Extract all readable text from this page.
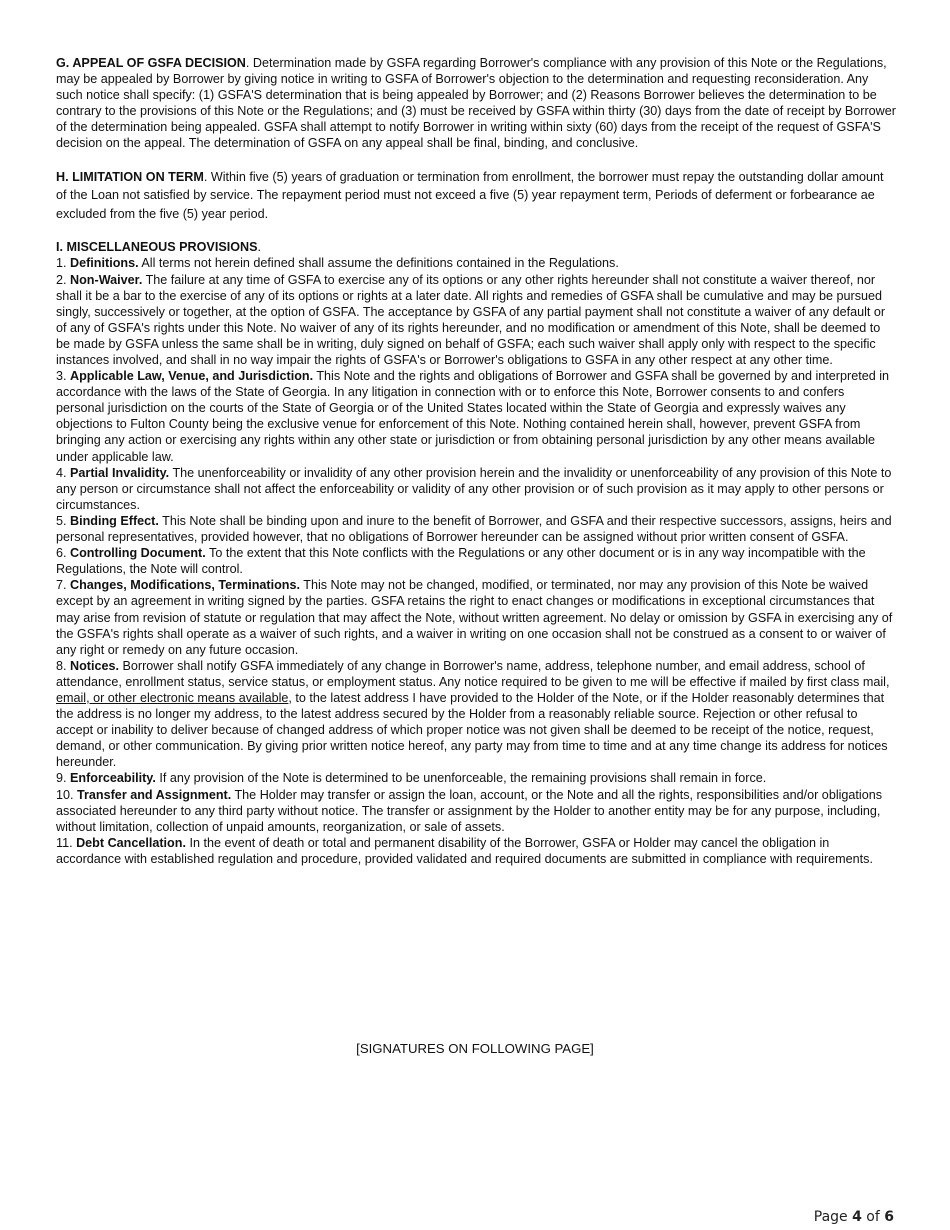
G. APPEAL OF GSFA DECISION. Determination made by GSFA regarding Borrower's compliance with any provision of this Note or the Regulations, may be appealed by Borrower by giving notice in writing to GSFA of Borrower's objection to the determination and requesting reconsideration. Any such notice shall specify: (1) GSFA'S determination that is being appealed by Borrower; and (2) Reasons Borrower believes the determination to be contrary to the provisions of this Note or the Regulations; and (3) must be received by GSFA within thirty (30) days from the date of receipt by Borrower of the determination being appealed. GSFA shall attempt to notify Borrower in writing within sixty (60) days from the receipt of the request of GSFA'S decision on the appeal. The determination of GSFA on any appeal shall be final, binding, and conclusive.

H. LIMITATION ON TERM. Within five (5) years of graduation or termination from enrollment, the borrower must repay the outstanding dollar amount of the Loan not satisfied by service. The repayment period must not exceed a five (5) year repayment term, Periods of deferment or forbearance ae excluded from the five (5) year period.

I. MISCELLANEOUS PROVISIONS.

1. Definitions. All terms not herein defined shall assume the definitions contained in the Regulations.

2. Non-Waiver. The failure at any time of GSFA to exercise any of its options or any other rights hereunder shall not constitute a waiver thereof, nor shall it be a bar to the exercise of any of its options or rights at a later date. All rights and remedies of GSFA shall be cumulative and may be pursued singly, successively or together, at the option of GSFA. The acceptance by GSFA of any partial payment shall not constitute a waiver of any default or of any of GSFA's rights under this Note. No waiver of any of its rights hereunder, and no modification or amendment of this Note, shall be deemed to be made by GSFA unless the same shall be in writing, duly signed on behalf of GSFA; each such waiver shall apply only with respect to the specific instances involved, and shall in no way impair the rights of GSFA's or Borrower's obligations to GSFA in any other respect at any other time.

3. Applicable Law, Venue, and Jurisdiction. This Note and the rights and obligations of Borrower and GSFA shall be governed by and interpreted in accordance with the laws of the State of Georgia. In any litigation in connection with or to enforce this Note, Borrower consents to and confers personal jurisdiction on the courts of the State of Georgia or of the United States located within the State of Georgia and expressly waives any objections to Fulton County being the exclusive venue for enforcement of this Note. Nothing contained herein shall, however, prevent GSFA from bringing any action or exercising any rights within any other state or jurisdiction or from obtaining personal jurisdiction by any other means available under applicable law.

4. Partial Invalidity. The unenforceability or invalidity of any other provision herein and the invalidity or unenforceability of any provision of this Note to any person or circumstance shall not affect the enforceability or validity of any other provision or of such provision as it may apply to other persons or circumstances.

5. Binding Effect. This Note shall be binding upon and inure to the benefit of Borrower, and GSFA and their respective successors, assigns, heirs and personal representatives, provided however, that no obligations of Borrower hereunder can be assigned without prior written consent of GSFA.

6. Controlling Document. To the extent that this Note conflicts with the Regulations or any other document or is in any way incompatible with the Regulations, the Note will control.

7. Changes, Modifications, Terminations. This Note may not be changed, modified, or terminated, nor may any provision of this Note be waived except by an agreement in writing signed by the parties. GSFA retains the right to enact changes or modifications in exceptional circumstances that may arise from revision of statute or regulation that may affect the Note, without written agreement. No delay or omission by GSFA in exercising any of the GSFA's rights shall operate as a waiver of such rights, and a waiver in writing on one occasion shall not be construed as a consent to or waiver of any right or remedy on any future occasion.

8. Notices. Borrower shall notify GSFA immediately of any change in Borrower's name, address, telephone number, and email address, school of attendance, enrollment status, service status, or employment status. Any notice required to be given to me will be effective if mailed by first class mail, email, or other electronic means available, to the latest address I have provided to the Holder of the Note, or if the Holder reasonably determines that the address is no longer my address, to the latest address secured by the Holder from a reasonably reliable source. Rejection or other refusal to accept or inability to deliver because of changed address of which proper notice was not given shall be deemed to be receipt of the notice, request, demand, or other communication. By giving prior written notice hereof, any party may from time to time and at any time change its address for notices hereunder.

9. Enforceability. If any provision of the Note is determined to be unenforceable, the remaining provisions shall remain in force.

10. Transfer and Assignment. The Holder may transfer or assign the loan, account, or the Note and all the rights, responsibilities and/or obligations associated hereunder to any third party without notice. The transfer or assignment by the Holder to another entity may be for any purpose, including, without limitation, collection of unpaid amounts, reorganization, or sale of assets.

11. Debt Cancellation. In the event of death or total and permanent disability of the Borrower, GSFA or Holder may cancel the obligation in accordance with established regulation and procedure, provided validated and required documents are submitted in compliance with requirements.

[SIGNATURES ON FOLLOWING PAGE]
Page 4 of 6
